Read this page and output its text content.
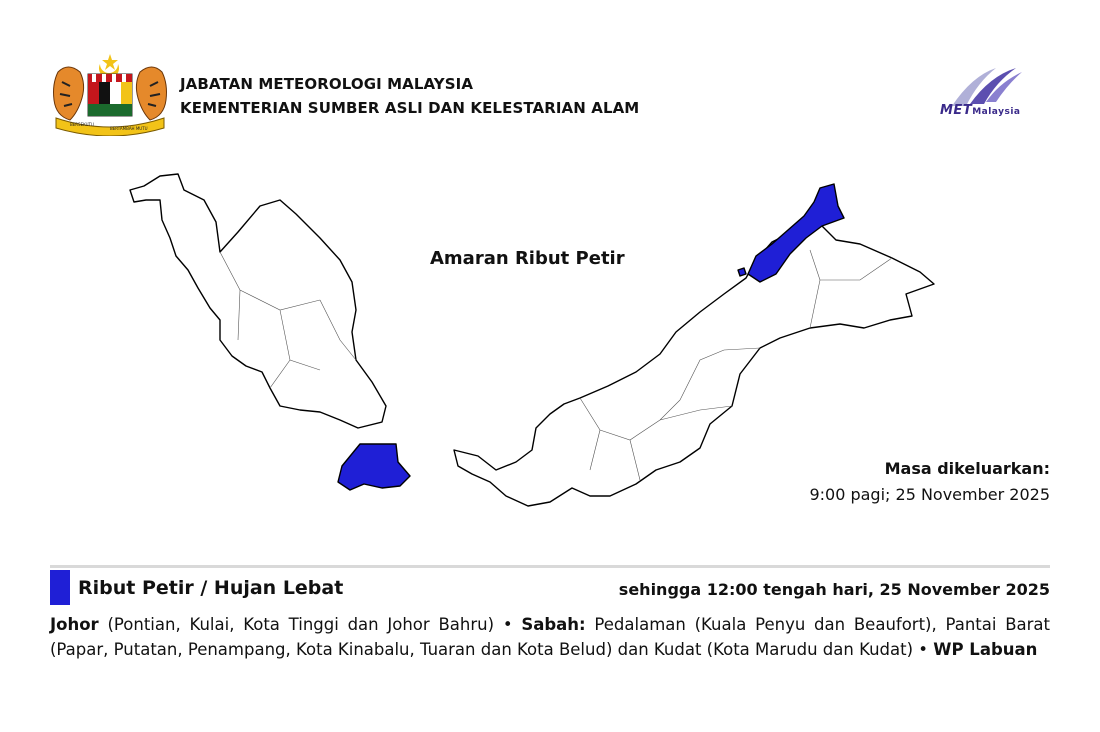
BERSEKUTU
BERTAMBAH MUTU
JABATAN METEOROLOGI MALAYSIA
KEMENTERIAN SUMBER ASLI DAN KELESTARIAN ALAM	METMalaysia
Amaran Ribut Petir
Masa dikeluarkan:
9:00 pagi; 25 November 2025
Ribut Petir / Hujan Lebat	sehingga 12:00 tengah hari, 25 November 2025
Johor (Pontian, Kulai, Kota Tinggi dan Johor Bahru) • Sabah: Pedalaman (Kuala Penyu dan Beaufort), Pantai Barat (Papar, Putatan, Penampang, Kota Kinabalu, Tuaran dan Kota Belud) dan Kudat (Kota Marudu dan Kudat) • WP Labuan
